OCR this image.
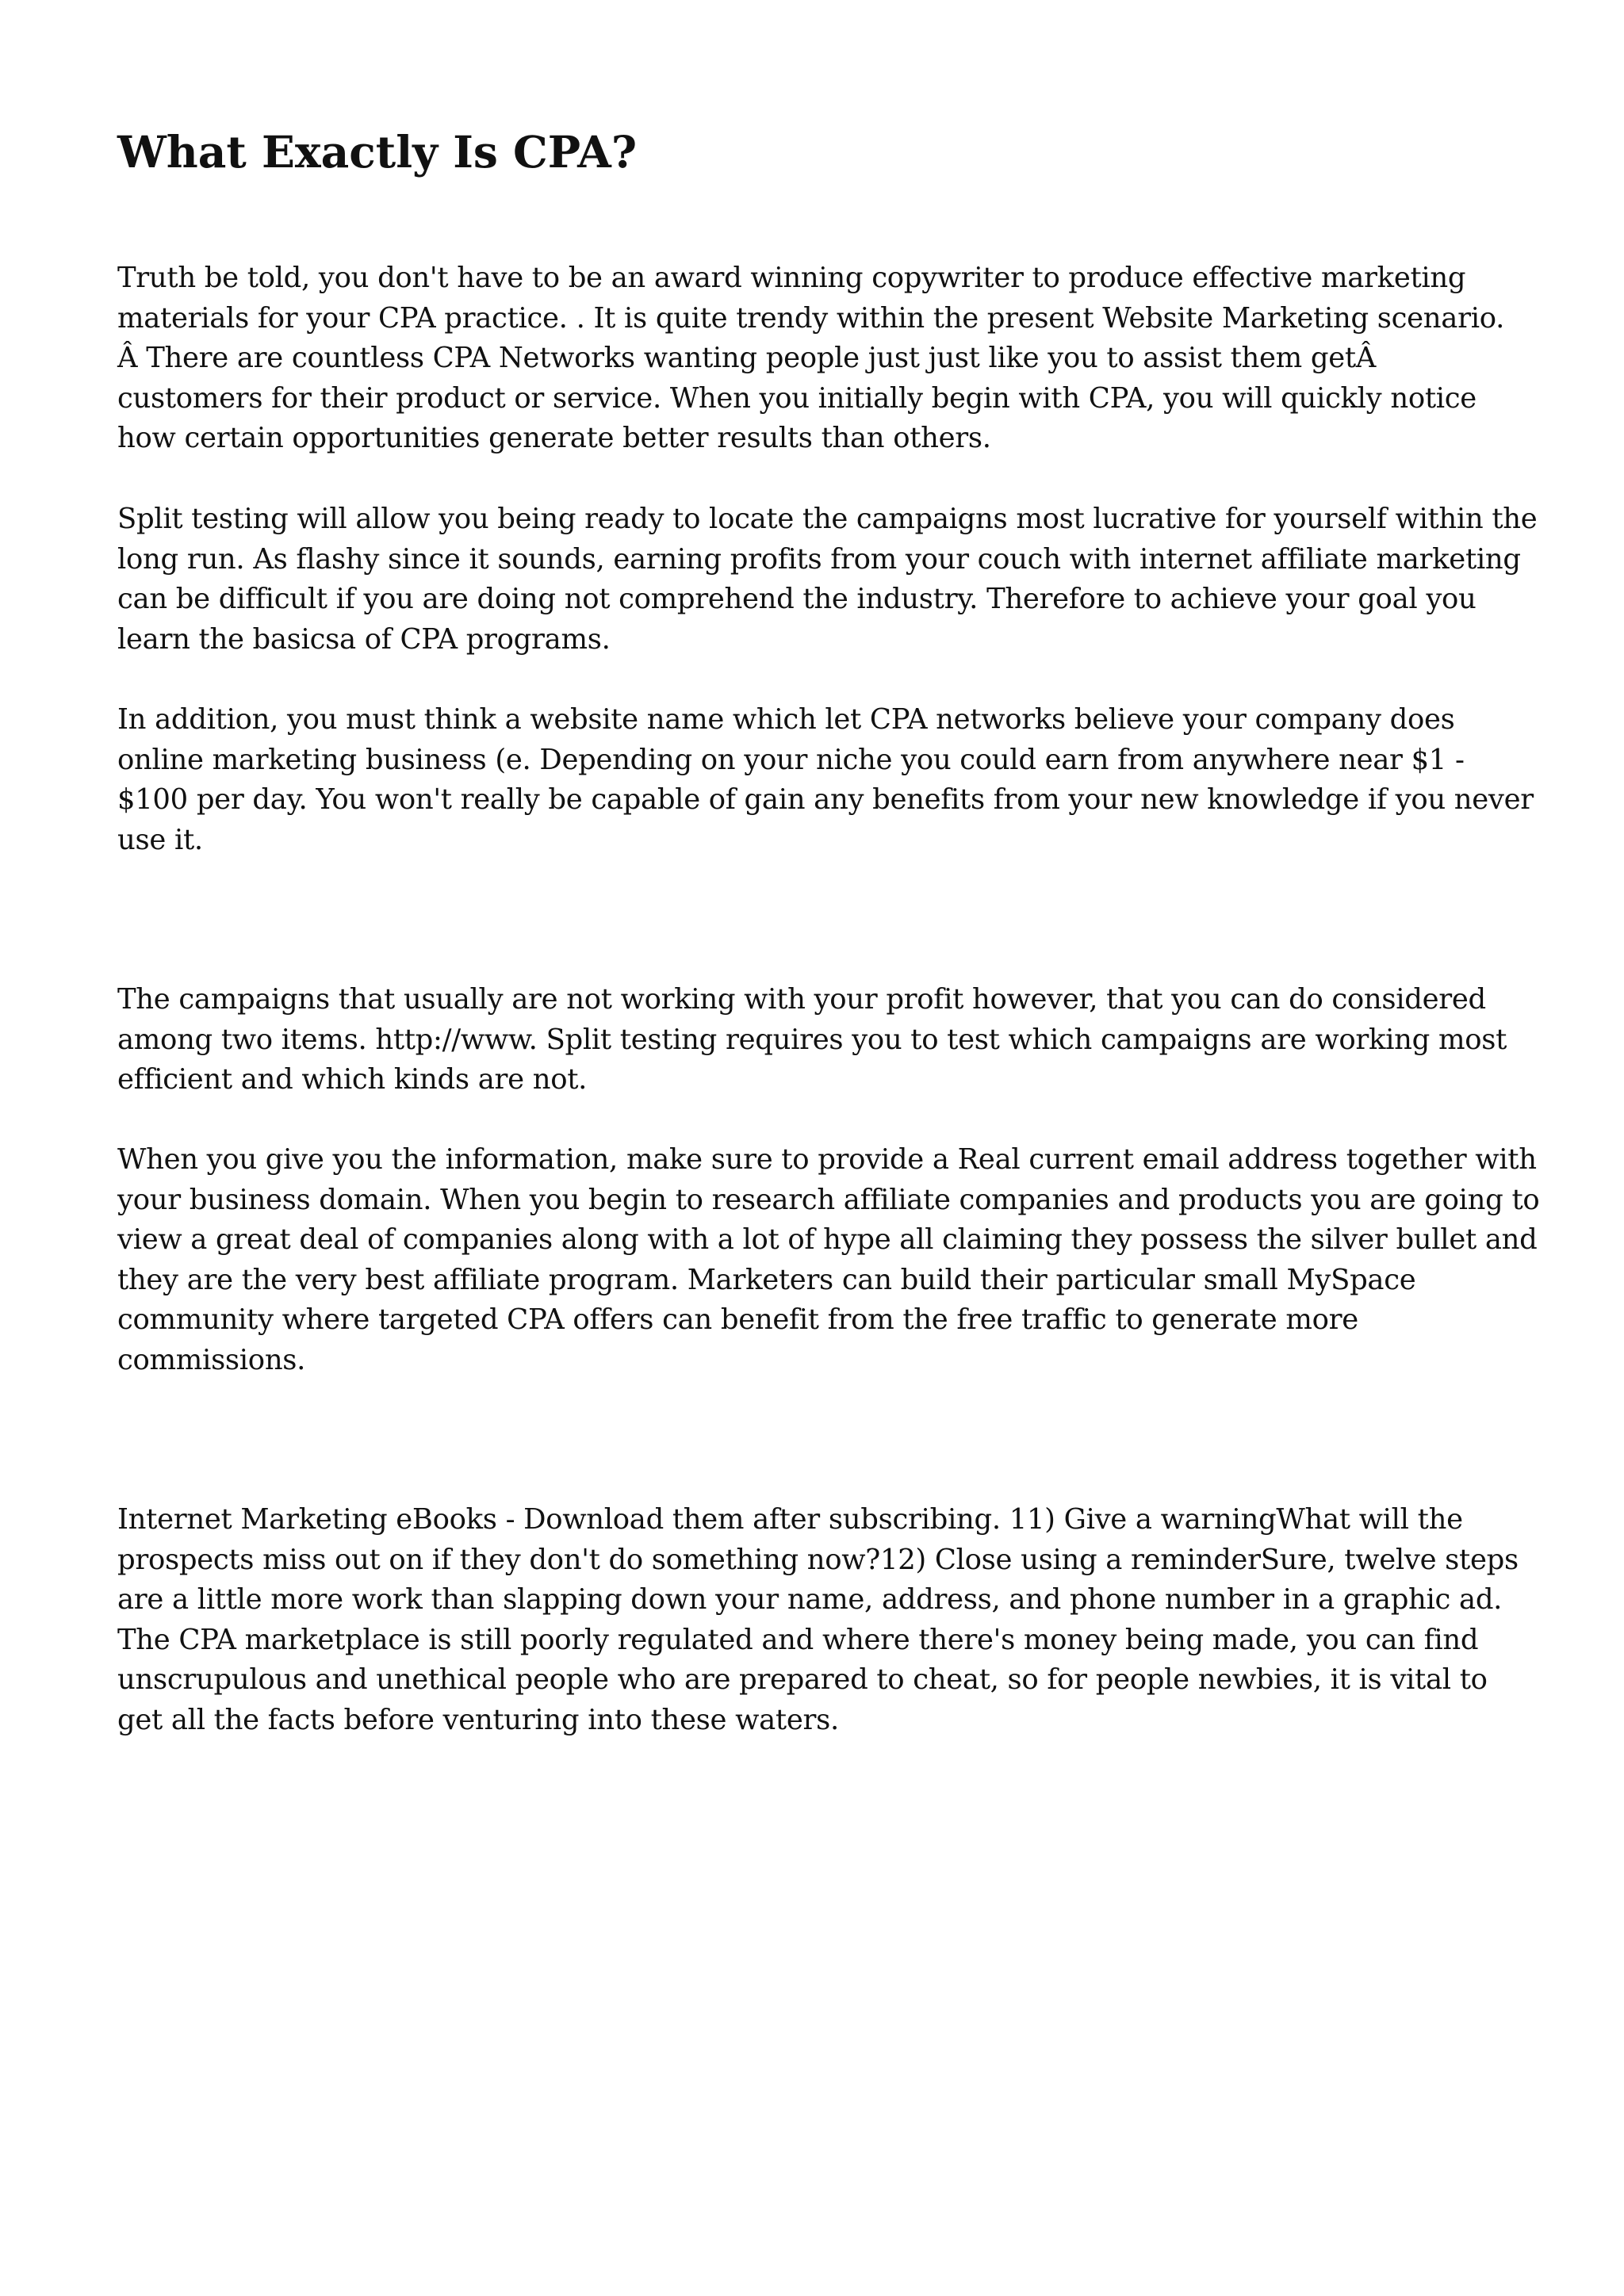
What Exactly Is CPA?

Truth be told, you don't have to be an award winning copywriter to produce effective marketing
materials for your CPA practice. . It is quite trendy within the present Website Marketing scenario.
Â There are countless CPA Networks wanting people just just like you to assist them getÂ
customers for their product or service. When you initially begin with CPA, you will quickly notice
how certain opportunities generate better results than others.

Split testing will allow you being ready to locate the campaigns most lucrative for yourself within the
long run. As flashy since it sounds, earning profits from your couch with internet affiliate marketing
can be difficult if you are doing not comprehend the industry. Therefore to achieve your goal you
learn the basicsa of CPA programs.

In addition, you must think a website name which let CPA networks believe your company does
online marketing business (e. Depending on your niche you could earn from anywhere near $1 -
$100 per day. You won't really be capable of gain any benefits from your new knowledge if you never
use it.

The campaigns that usually are not working with your profit however, that you can do considered
among two items. http://www. Split testing requires you to test which campaigns are working most
efficient and which kinds are not.

When you give you the information, make sure to provide a Real current email address together with
your business domain. When you begin to research affiliate companies and products you are going to
view a great deal of companies along with a lot of hype all claiming they possess the silver bullet and
they are the very best affiliate program. Marketers can build their particular small MySpace
community where targeted CPA offers can benefit from the free traffic to generate more
commissions.

Internet Marketing eBooks - Download them after subscribing. 11) Give a warningWhat will the
prospects miss out on if they don't do something now?12) Close using a reminderSure, twelve steps
are a little more work than slapping down your name, address, and phone number in a graphic ad.
The CPA marketplace is still poorly regulated and where there's money being made, you can find
unscrupulous and unethical people who are prepared to cheat, so for people newbies, it is vital to
get all the facts before venturing into these waters.
